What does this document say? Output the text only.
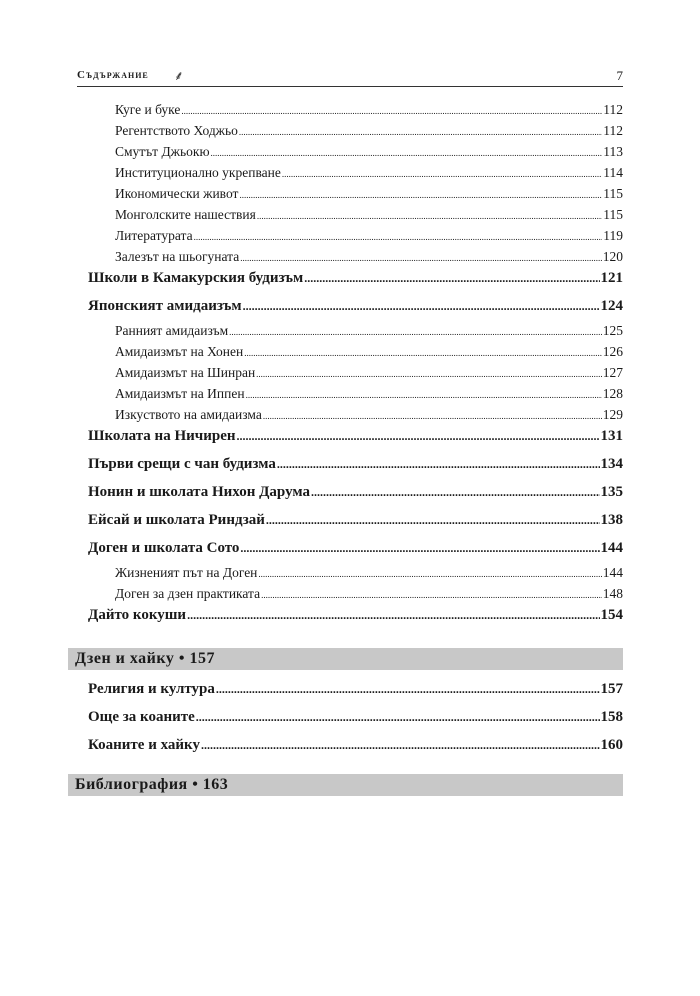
Съдържание ⸙	7
Куге и буке .....	112
Регентството Ходжьо .....	112
Смутът Джьокю .....	113
Институционално укрепване .....	114
Икономически живот .....	115
Монголските нашествия .....	115
Литературата .....	119
Залезът на шьогуната .....	120
Школи в Камакурския будизъм .....	121
Японският амидаизъм .....	124
Ранният амидаизъм .....	125
Амидаизмът на Хонен .....	126
Амидаизмът на Шинран .....	127
Амидаизмът на Иппен .....	128
Изкуството на амидаизма .....	129
Школата на Ничирен .....	131
Първи срещи с чан будизма .....	134
Нонин и школата Нихон Дарума .....	135
Ейсай и школата Риндзай .....	138
Доген и школата Сото .....	144
Жизненият път на Доген .....	144
Доген за дзен практиката .....	148
Дайто кокуши .....	154
Дзен и хайку • 157
Религия и култура .....	157
Още за коаните .....	158
Коаните и хайку .....	160
Библиография • 163
